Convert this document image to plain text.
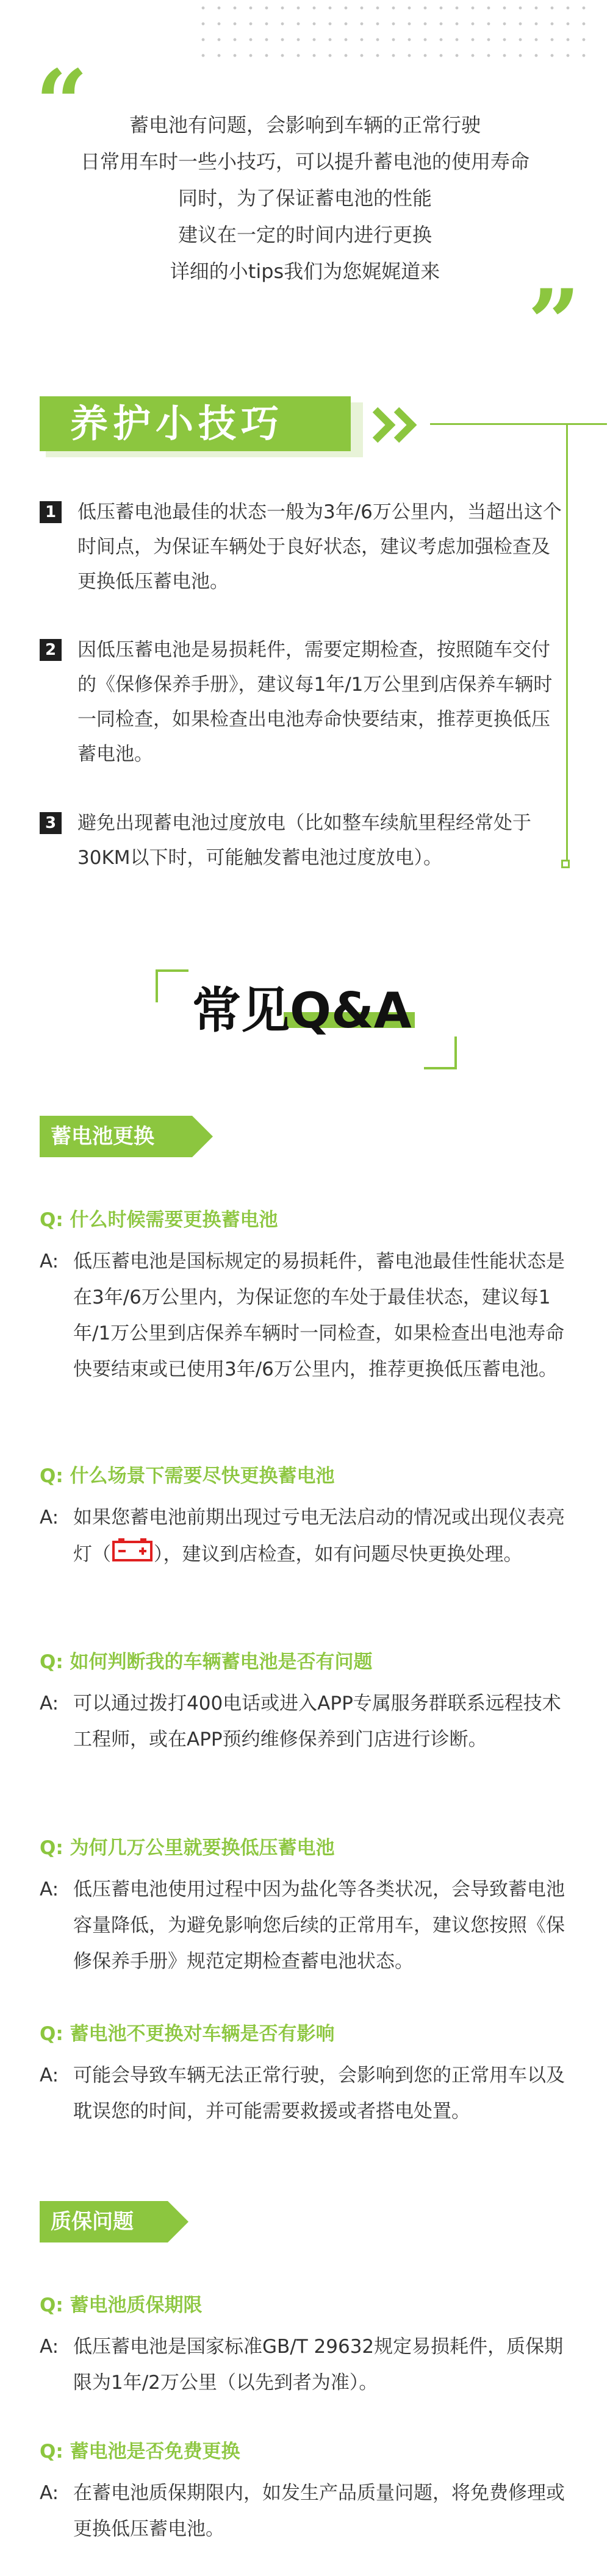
“	蓄电池有问题，会影响到车辆的正常行驶

日常用车时一些小技巧，可以提升蓄电池的使用寿命

同时，为了保证蓄电池的性能

建议在一定的时间内进行更换

详细的小tips我们为您娓娓道来 ”
养护小技巧
1 低压蓄电池最佳的状态一般为3年/6万公里内，当超出这个时间点，为保证车辆处于良好状态，建议考虑加强检查及更换低压蓄电池。
2 因低压蓄电池是易损耗件，需要定期检查，按照随车交付的《保修保养手册》，建议每1年/1万公里到店保养车辆时一同检查，如果检查出电池寿命快要结束，推荐更换低压蓄电池。
3 避免出现蓄电池过度放电（比如整车续航里程经常处于30KM以下时，可能触发蓄电池过度放电）。
常见Q&A
蓄电池更换
Q: 什么时候需要更换蓄电池
A: 低压蓄电池是国标规定的易损耗件，蓄电池最佳性能状态是在3年/6万公里内，为保证您的车处于最佳状态，建议每1年/1万公里到店保养车辆时一同检查，如果检查出电池寿命快要结束或已使用3年/6万公里内，推荐更换低压蓄电池。
Q: 什么场景下需要尽快更换蓄电池
A: 如果您蓄电池前期出现过亏电无法启动的情况或出现仪表亮灯（ ），建议到店检查，如有问题尽快更换处理。
Q: 如何判断我的车辆蓄电池是否有问题
A: 可以通过拨打400电话或进入APP专属服务群联系远程技术工程师，或在APP预约维修保养到门店进行诊断。
Q: 为何几万公里就要换低压蓄电池
A: 低压蓄电池使用过程中因为盐化等各类状况，会导致蓄电池容量降低，为避免影响您后续的正常用车，建议您按照《保修保养手册》规范定期检查蓄电池状态。
Q: 蓄电池不更换对车辆是否有影响
A: 可能会导致车辆无法正常行驶，会影响到您的正常用车以及耽误您的时间，并可能需要救援或者搭电处置。
质保问题
Q: 蓄电池质保期限
A: 低压蓄电池是国家标准GB/T 29632规定易损耗件，质保期限为1年/2万公里（以先到者为准）。
Q: 蓄电池是否免费更换
A: 在蓄电池质保期限内，如发生产品质量问题，将免费修理或更换低压蓄电池。
